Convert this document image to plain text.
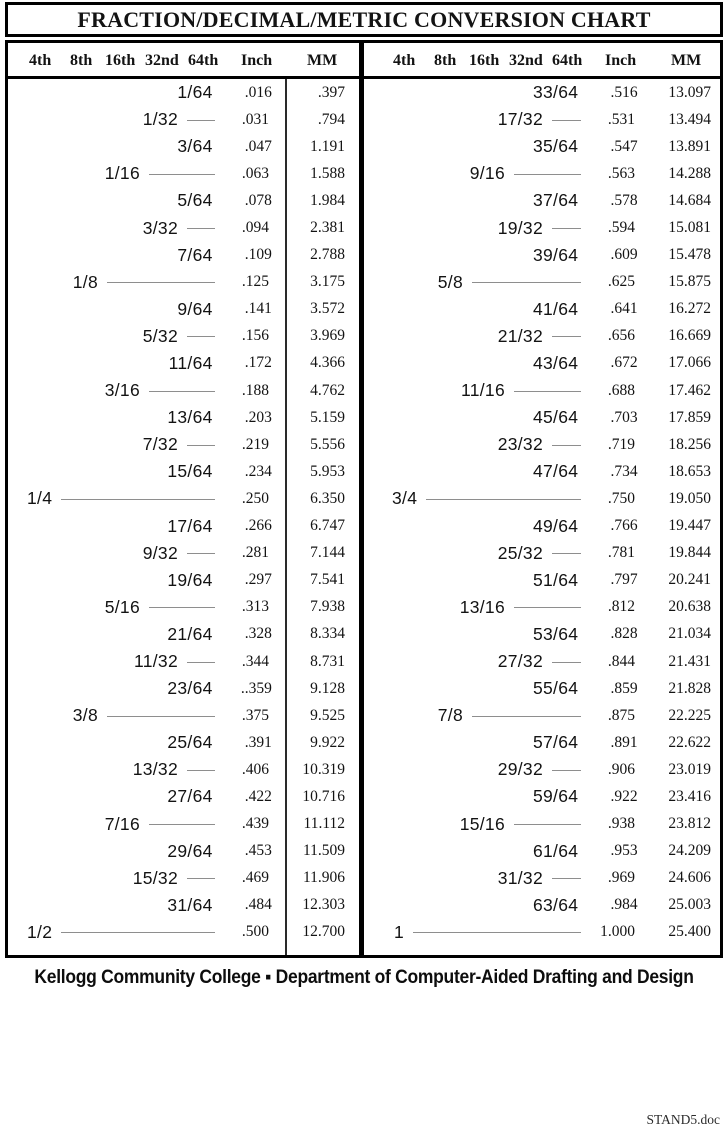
FRACTION/DECIMAL/METRIC CONVERSION CHART
4th 8th 16th 32nd 64th Inch MM
1/64	.016	.397
1/32	.031	.794
3/64	.047	1.191
1/16	.063	1.588
5/64	.078	1.984
3/32	.094	2.381
7/64	.109	2.788
1/8	.125	3.175
9/64	.141	3.572
5/32	.156	3.969
11/64	.172	4.366
3/16	.188	4.762
13/64	.203	5.159
7/32	.219	5.556
15/64	.234	5.953
1/4	.250	6.350
17/64	.266	6.747
9/32	.281	7.144
19/64	.297	7.541
5/16	.313	7.938
21/64	.328	8.334
11/32	.344	8.731
23/64	..359	9.128
3/8	.375	9.525
25/64	.391	9.922
13/32	.406	10.319
27/64	.422	10.716
7/16	.439	11.112
29/64	.453	11.509
15/32	.469	11.906
31/64	.484	12.303
1/2	.500	12.700
4th 8th 16th 32nd 64th Inch MM
33/64	.516	13.097
17/32	.531	13.494
35/64	.547	13.891
9/16	.563	14.288
37/64	.578	14.684
19/32	.594	15.081
39/64	.609	15.478
5/8	.625	15.875
41/64	.641	16.272
21/32	.656	16.669
43/64	.672	17.066
11/16	.688	17.462
45/64	.703	17.859
23/32	.719	18.256
47/64	.734	18.653
3/4	.750	19.050
49/64	.766	19.447
25/32	.781	19.844
51/64	.797	20.241
13/16	.812	20.638
53/64	.828	21.034
27/32	.844	21.431
55/64	.859	21.828
7/8	.875	22.225
57/64	.891	22.622
29/32	.906	23.019
59/64	.922	23.416
15/16	.938	23.812
61/64	.953	24.209
31/32	.969	24.606
63/64	.984	25.003
1	1.000	25.400
Kellogg Community College ▪ Department of Computer-Aided Drafting and Design
STAND5.doc
